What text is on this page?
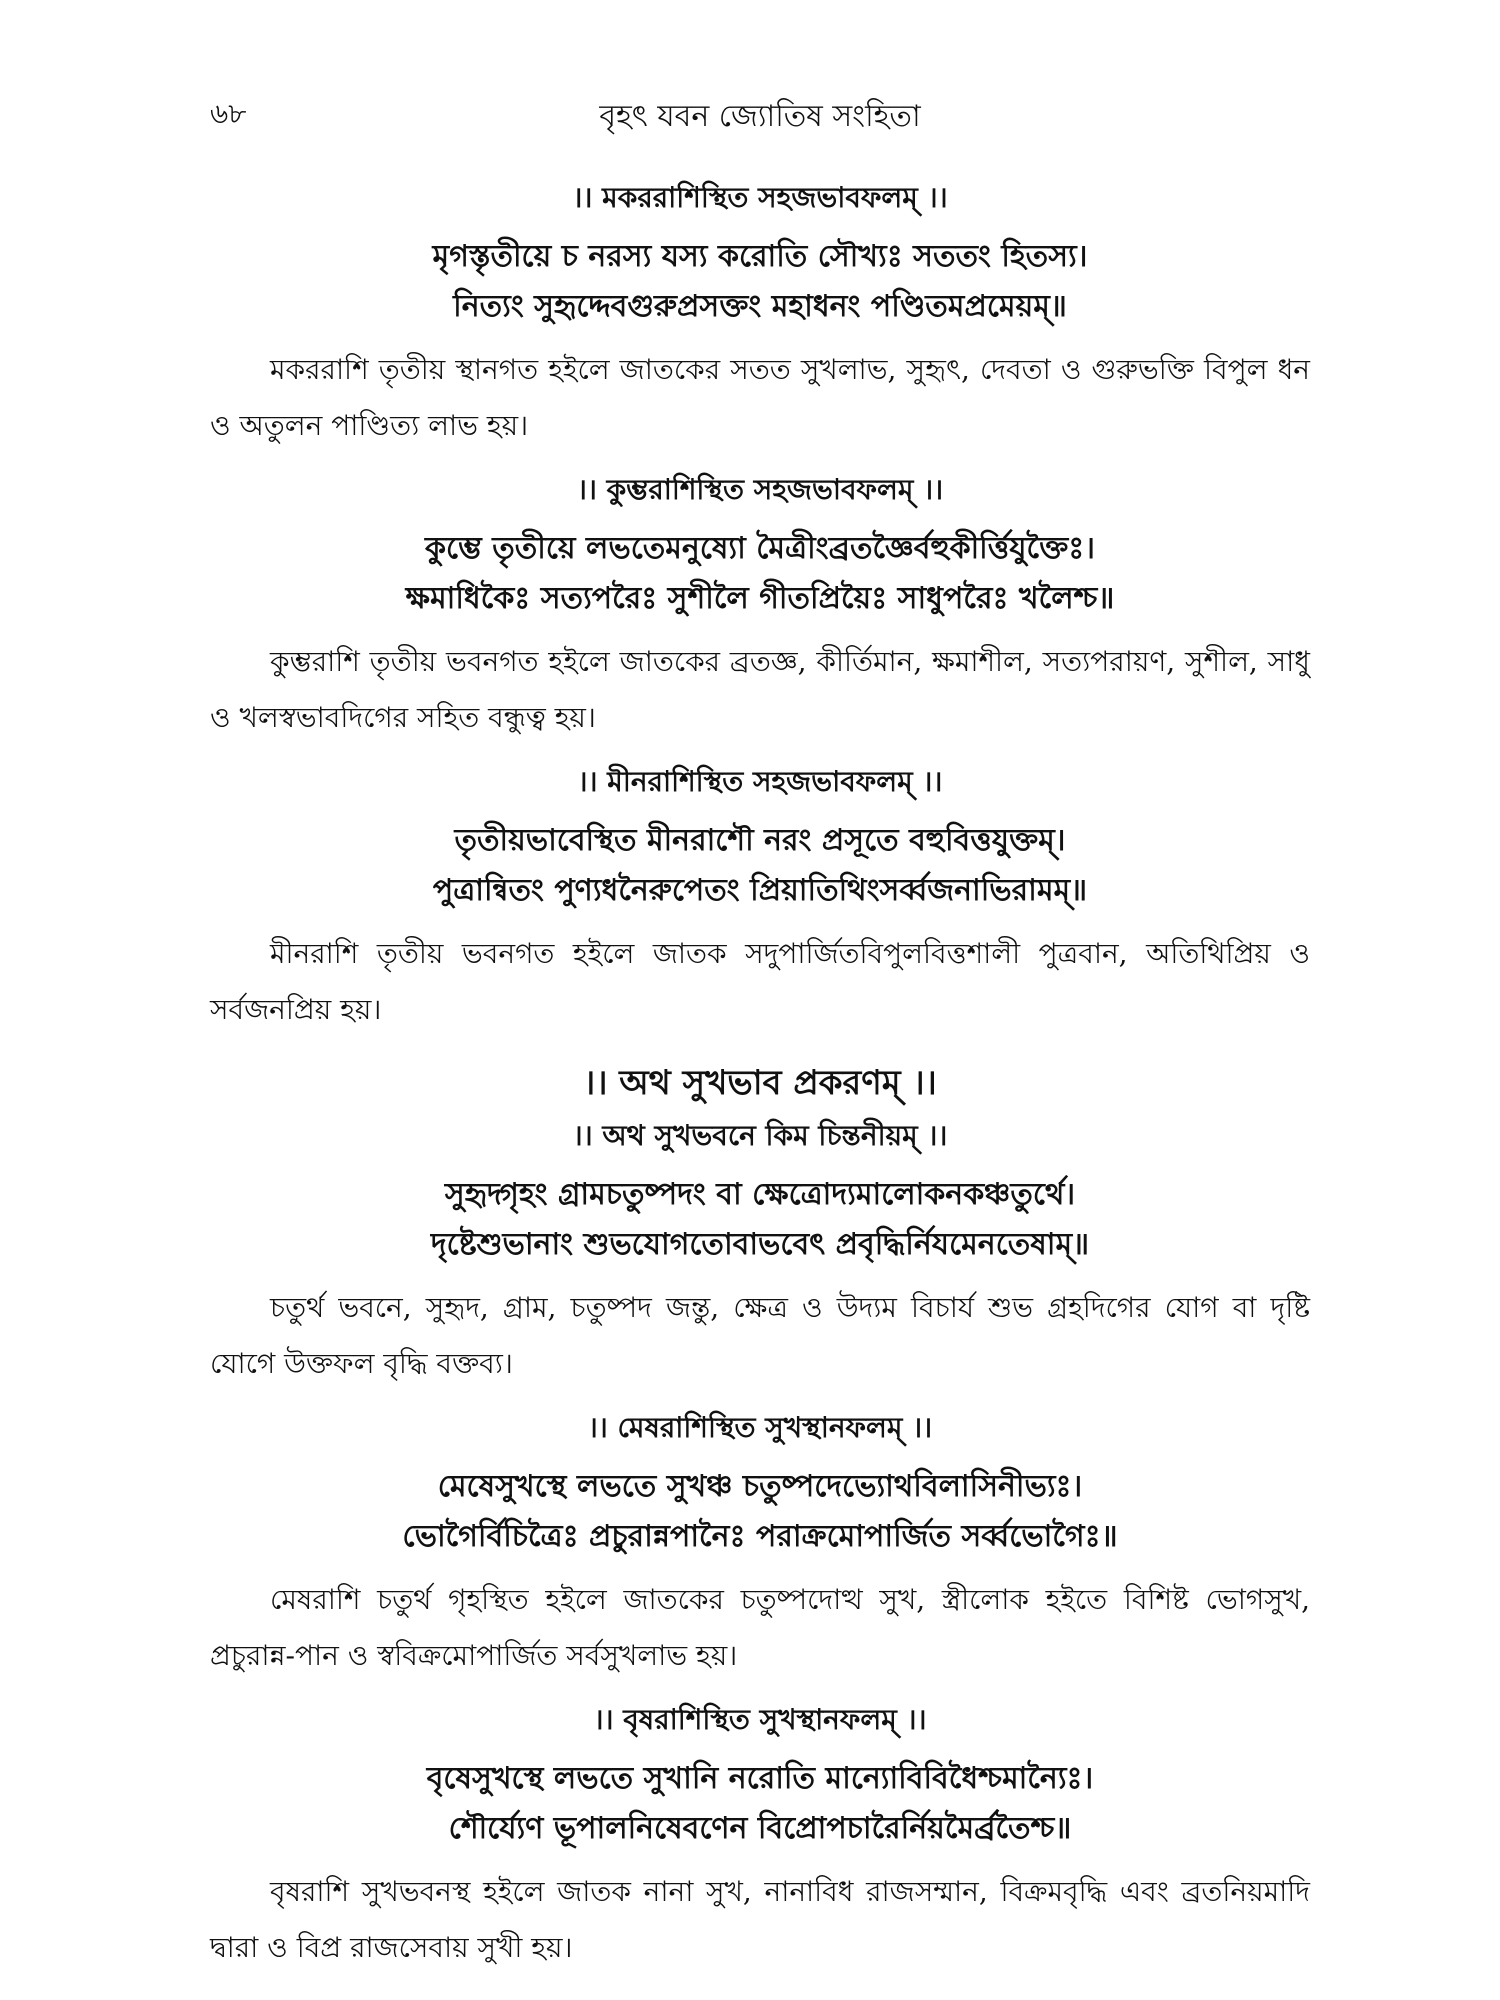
৬৮	বৃহৎ যবন জ্যোতিষ সংহিতা
।। মকররাশিস্থিত সহজভাবফলম্ ।।

মৃগস্তৃতীয়ে চ নরস্য যস্য করোতি সৌখ্যঃ সততং হিতস্য।

নিত্যং সুহৃদ্দেবগুরুপ্রসক্তং মহাধনং পণ্ডিতমপ্রমেয়ম্॥

মকররাশি তৃতীয় স্থানগত হইলে জাতকের সতত সুখলাভ, সুহৃৎ, দেবতা ও গুরুভক্তি বিপুল ধন ও অতুলন পাণ্ডিত্য লাভ হয়।

।। কুম্ভরাশিস্থিত সহজভাবফলম্ ।।

কুম্ভে তৃতীয়ে লভতেমনুষ্যো মৈত্রীংব্রতজ্ঞৈর্বহুকীর্ত্তিযুক্তৈঃ।

ক্ষমাধিকৈঃ সত্যপরৈঃ সুশীলৈ গীতপ্রিয়ৈঃ সাধুপরৈঃ খলৈশ্চ॥

কুম্ভরাশি তৃতীয় ভবনগত হইলে জাতকের ব্রতজ্ঞ, কীর্তিমান, ক্ষমাশীল, সত্যপরায়ণ, সুশীল, সাধু ও খলস্বভাবদিগের সহিত বন্ধুত্ব হয়।

।। মীনরাশিস্থিত সহজভাবফলম্ ।।

তৃতীয়ভাবেস্থিত মীনরাশৌ নরং প্রসূতে বহুবিত্তযুক্তম্।

পুত্রান্বিতং পুণ্যধনৈরুপেতং প্রিয়াতিথিংসর্ব্বজনাভিরামম্॥

মীনরাশি তৃতীয় ভবনগত হইলে জাতক সদুপার্জিতবিপুলবিত্তশালী পুত্রবান, অতিথিপ্রিয় ও সর্বজনপ্রিয় হয়।

।। অথ সুখভাব প্রকরণম্ ।।
।। অথ সুখভবনে কিম চিন্তনীয়ম্ ।।

সুহৃদ্গৃহং গ্রামচতুষ্পদং বা ক্ষেত্রোদ্যমালোকনকঞ্চতুর্থে।

দৃষ্টেশুভানাং শুভযোগতোবাভবেৎ প্রবৃদ্ধির্নিযমেনতেষাম্॥

চতুর্থ ভবনে, সুহৃদ, গ্রাম, চতুষ্পদ জন্তু, ক্ষেত্র ও উদ্যম বিচার্য শুভ গ্রহদিগের যোগ বা দৃষ্টি যোগে উক্তফল বৃদ্ধি বক্তব্য।

।। মেষরাশিস্থিত সুখস্থানফলম্ ।।

মেষেসুখস্থে লভতে সুখঞ্চ চতুষ্পদেভ্যোথবিলাসিনীভ্যঃ।

ভোগৈর্বিচিত্রৈঃ প্রচুরান্নপানৈঃ পরাক্রমোপার্জিত সর্ব্বভোগৈঃ॥

মেষরাশি চতুর্থ গৃহস্থিত হইলে জাতকের চতুষ্পদোত্থ সুখ, স্ত্রীলোক হইতে বিশিষ্ট ভোগসুখ, প্রচুরান্ন-পান ও স্ববিক্রমোপার্জিত সর্বসুখলাভ হয়।

।। বৃষরাশিস্থিত সুখস্থানফলম্ ।।

বৃষেসুখস্থে লভতে সুখানি নরোতি মান্যোবিবিধৈশ্চমান্যৈঃ।

শৌর্য্যেণ ভূপালনিষেবণেন বিপ্রোপচারৈর্নিয়মৈর্ব্রতৈশ্চ॥

বৃষরাশি সুখভবনস্থ হইলে জাতক নানা সুখ, নানাবিধ রাজসম্মান, বিক্রমবৃদ্ধি এবং ব্রতনিয়মাদি দ্বারা ও বিপ্র রাজসেবায় সুখী হয়।
